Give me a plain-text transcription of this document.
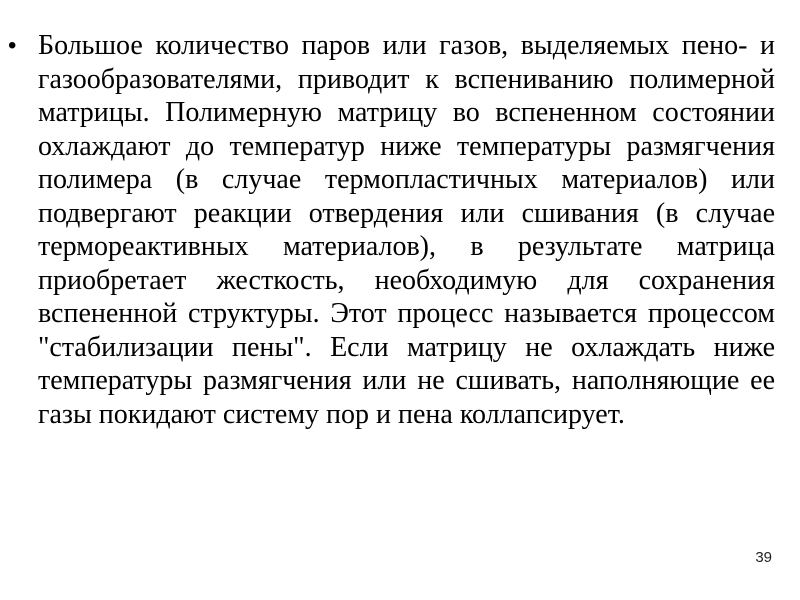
• Большое количество паров или газов, выделяемых пено- и газообразователями, приводит к вспениванию полимерной матрицы. Полимерную матрицу во вспененном состоянии охлаждают до температур ниже температуры размягчения полимера (в случае термопластичных материалов) или подвергают реакции отвердения или сшивания (в случае термореактивных материалов), в результате матрица приобретает жесткость, необходимую для сохранения вспененной структуры. Этот процесс называется процессом "стабилизации пены". Если матрицу не охлаждать ниже температуры размягчения или не сшивать, наполняющие ее газы покидают систему пор и пена коллапсирует.

39
